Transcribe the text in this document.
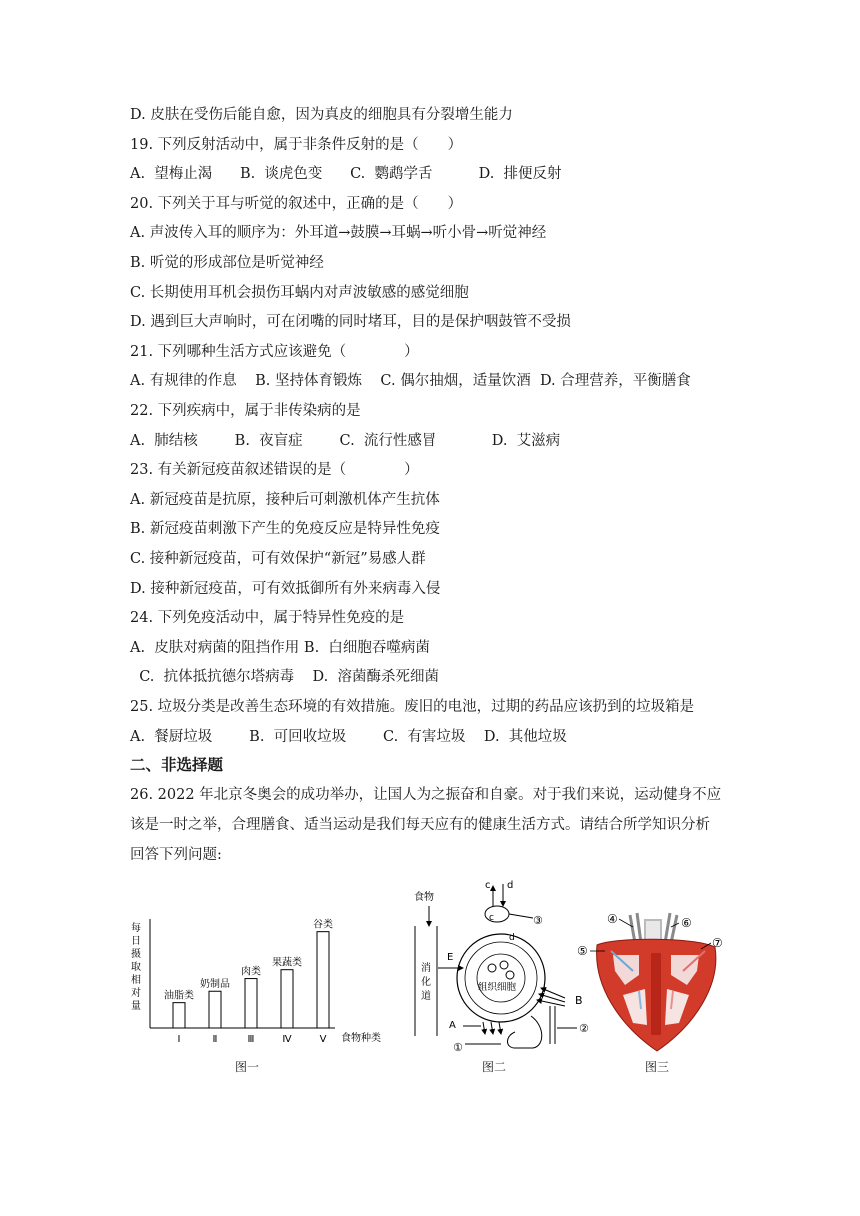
D. 皮肤在受伤后能自愈，因为真皮的细胞具有分裂增生能力
19. 下列反射活动中，属于非条件反射的是（　　）
A.  望梅止渴      B.  谈虎色变      C.  鹦鹉学舌          D.  排便反射
20. 下列关于耳与听觉的叙述中，正确的是（　　）
A. 声波传入耳的顺序为：外耳道→鼓膜→耳蜗→听小骨→听觉神经
B. 听觉的形成部位是听觉神经
C. 长期使用耳机会损伤耳蜗内对声波敏感的感觉细胞
D. 遇到巨大声响时，可在闭嘴的同时堵耳，目的是保护咽鼓管不受损
21. 下列哪种生活方式应该避免（　　　　）
A. 有规律的作息    B. 坚持体育锻炼    C. 偶尔抽烟，适量饮酒  D. 合理营养，平衡膳食
22. 下列疾病中，属于非传染病的是
A.  肺结核        B.  夜盲症        C.  流行性感冒            D.  艾滋病
23. 有关新冠疫苗叙述错误的是（　　　　）
A. 新冠疫苗是抗原，接种后可刺激机体产生抗体
B. 新冠疫苗刺激下产生的免疫反应是特异性免疫
C. 接种新冠疫苗，可有效保护“新冠”易感人群
D. 接种新冠疫苗，可有效抵御所有外来病毒入侵
24. 下列免疫活动中，属于特异性免疫的是
A.  皮肤对病菌的阻挡作用 B.  白细胞吞噬病菌
C.  抗体抵抗德尔塔病毒    D.  溶菌酶杀死细菌
25. 垃圾分类是改善生态环境的有效措施。废旧的电池，过期的药品应该扔到的垃圾箱是
A.  餐厨垃圾        B.  可回收垃圾        C.  有害垃圾    D.  其他垃圾
二、非选择题
26. 2022 年北京冬奥会的成功举办，让国人为之振奋和自豪。对于我们来说，运动健身不应
该是一时之举，合理膳食、适当运动是我们每天应有的健康生活方式。请结合所学知识分析
回答下列问题:
每
日
摄
取
相
对
量
油脂类
Ⅰ
奶制品
Ⅱ
肉类
Ⅲ
果蔬类
Ⅳ
谷类
Ⅴ 食物种类
图一
食物
消
化
道
c d
c
d
③
组织细胞
E
B
②
A
①
图二
④	⑥
⑤
⑦
图三
